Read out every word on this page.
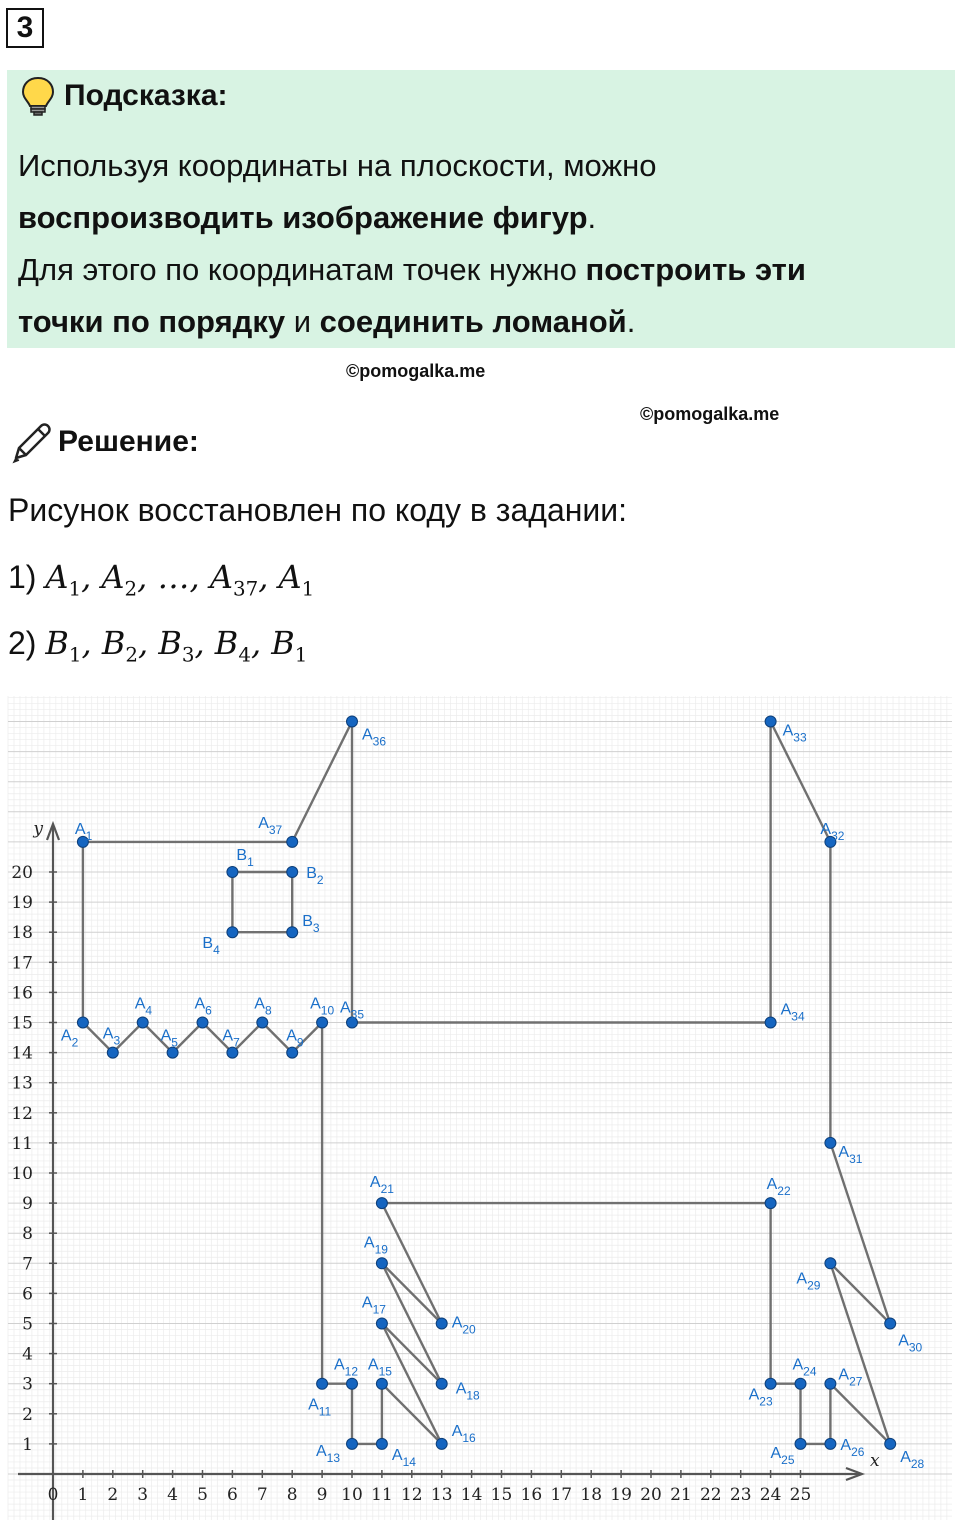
3
Подсказка:
Используя координаты на плоскости, можно
воспроизводить изображение фигур.
Для этого по координатам точек нужно построить эти
точки по порядку и соединить ломаной.
©pomogalka.me
©pomogalka.me
Решение:
Рисунок восстановлен по коду в задании:
1) $A_1$, $A_2$, …, $A_{37}$, $A_1$
2) $B_1$, $B_2$, $B_3$, $B_4$, $B_1$
x
y
0 1 2 3 4 5 6 7 8 9 10 11 12 13 14 15 16 17 18 19 20 21 22 23 24 25
1
2
3
4
5
6
7
8
9
10
11
12
13
14
15
16
17
18
19
20
$A_1$
$A_2$ $A_3$
$A_4$
$A_5$
$A_6$
$A_7$
$A_8$
$A_9$
$A_{10}$
$A_{11}$
$A_{12}$
$A_{13}$	$A_{14}$
$A_{15}$
$A_{16}$
$A_{17}$
$A_{18}$
$A_{19}$
$A_{20}$
$A_{21}$	$A_{22}$
$A_{23}$
$A_{24}$
$A_{25}$
$A_{26}$
$A_{27}$
$A_{28}$
$A_{29}$
$A_{30}$
$A_{31}$
$A_{32}$
$A_{33}$
$A_{34}$
$A_{35}$
$A_{36}$
$A_{37}$
$B_1$
$B_2$
$B_3$
$B_4$
